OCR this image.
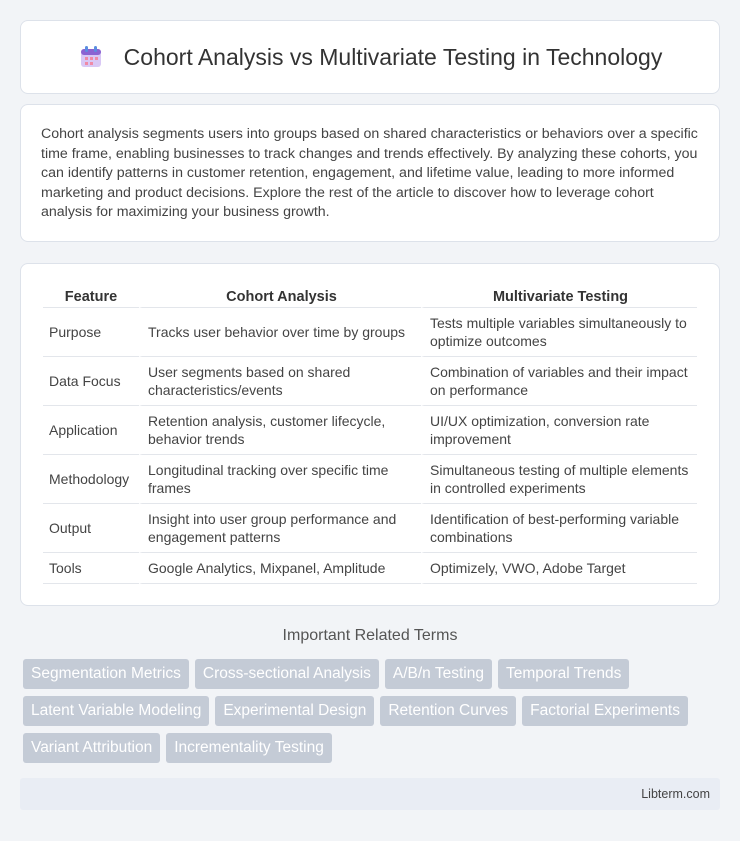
Cohort Analysis vs Multivariate Testing in Technology

Cohort analysis segments users into groups based on shared characteristics or behaviors over a specific time frame, enabling businesses to track changes and trends effectively. By analyzing these cohorts, you can identify patterns in customer retention, engagement, and lifetime value, leading to more informed marketing and product decisions. Explore the rest of the article to discover how to leverage cohort analysis for maximizing your business growth.

Feature	Cohort Analysis	Multivariate Testing
Purpose	Tracks user behavior over time by groups	Tests multiple variables simultaneously to optimize outcomes
Data Focus	User segments based on shared characteristics/events	Combination of variables and their impact on performance
Application	Retention analysis, customer lifecycle, behavior trends	UI/UX optimization, conversion rate improvement
Methodology	Longitudinal tracking over specific time frames	Simultaneous testing of multiple elements in controlled experiments
Output	Insight into user group performance and engagement patterns	Identification of best-performing variable combinations
Tools	Google Analytics, Mixpanel, Amplitude	Optimizely, VWO, Adobe Target
Important Related Terms
Segmentation Metrics	Cross-sectional Analysis	A/B/n Testing	Temporal Trends
Latent Variable Modeling	Experimental Design	Retention Curves	Factorial Experiments
Variant Attribution	Incrementality Testing
Libterm.com
